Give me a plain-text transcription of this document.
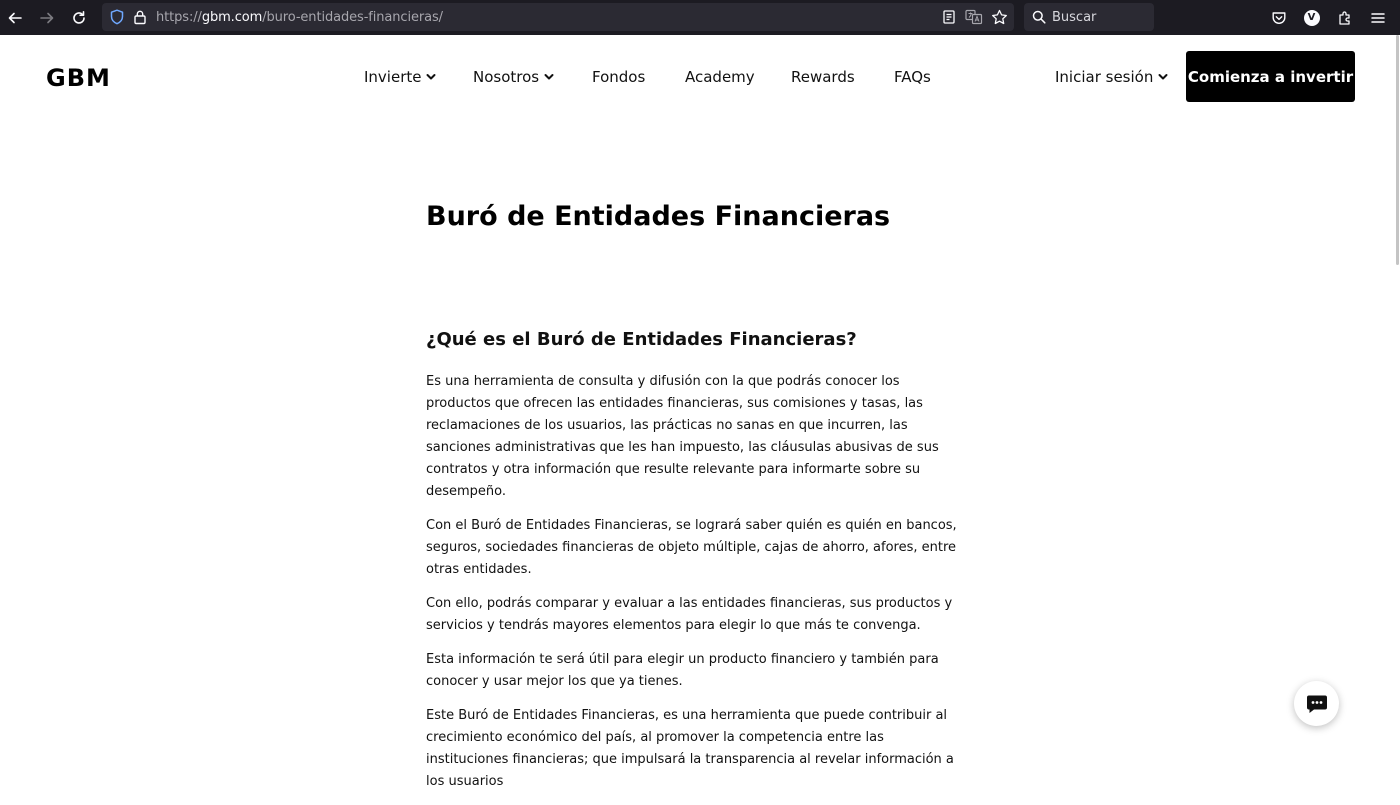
https://gbm.com/buro-entidades-financieras/	Buscar	V
GBM	Invierte	Nosotros	Fondos	Academy Rewards	FAQs	Iniciar sesión Comienza a invertir
Buró de Entidades Financieras
¿Qué es el Buró de Entidades Financieras?

Es una herramienta de consulta y difusión con la que podrás conocer los productos que ofrecen las entidades financieras, sus comisiones y tasas, las reclamaciones de los usuarios, las prácticas no sanas en que incurren, las sanciones administrativas que les han impuesto, las cláusulas abusivas de sus contratos y otra información que resulte relevante para informarte sobre su desempeño.

Con el Buró de Entidades Financieras, se logrará saber quién es quién en bancos, seguros, sociedades financieras de objeto múltiple, cajas de ahorro, afores, entre otras entidades.

Con ello, podrás comparar y evaluar a las entidades financieras, sus productos y servicios y tendrás mayores elementos para elegir lo que más te convenga.

Esta información te será útil para elegir un producto financiero y también para conocer y usar mejor los que ya tienes.

Este Buró de Entidades Financieras, es una herramienta que puede contribuir al crecimiento económico del país, al promover la competencia entre las instituciones financieras; que impulsará la transparencia al revelar información a los usuarios
